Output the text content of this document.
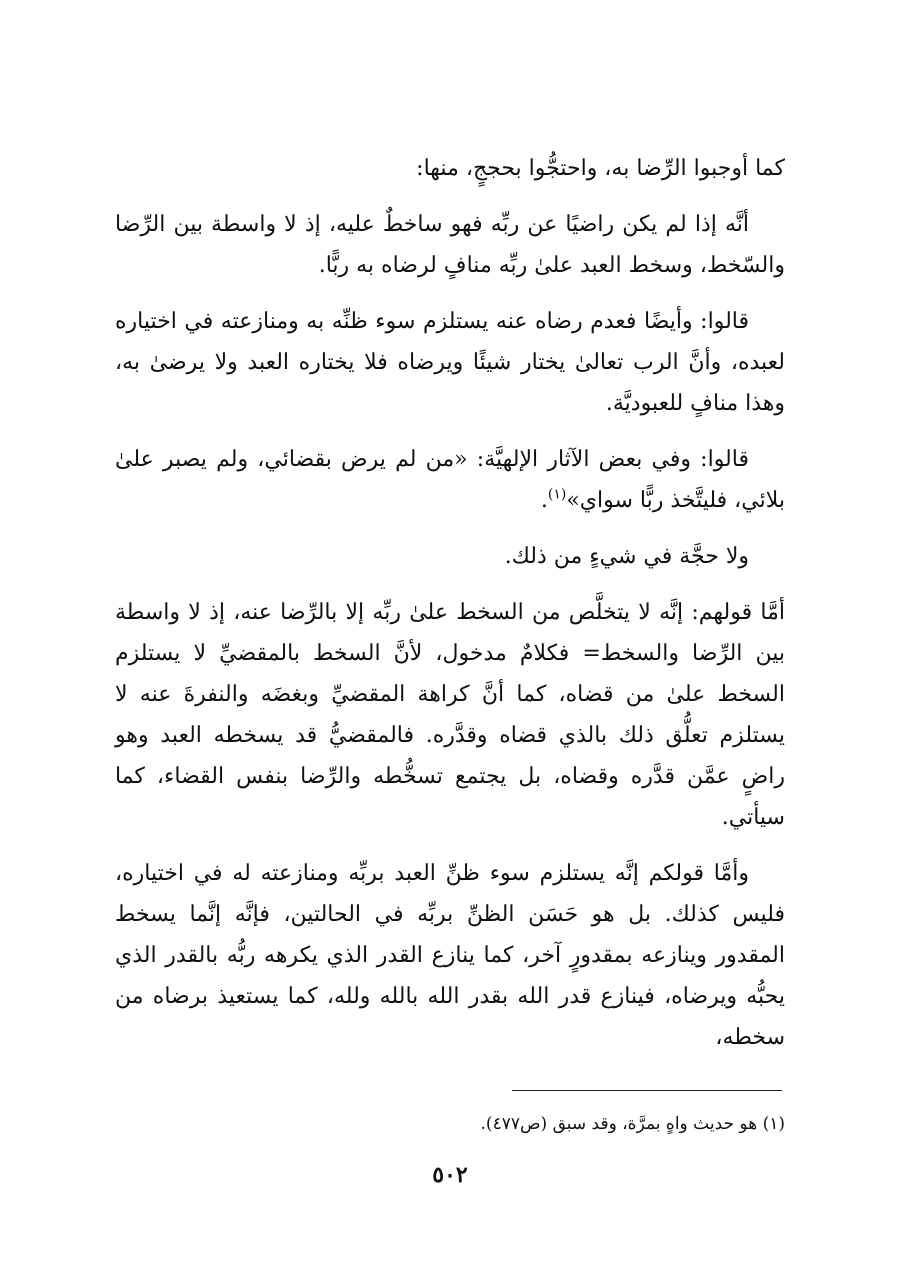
كما أوجبوا الرِّضا به، واحتجُّوا بحججٍ، منها:

أنَّه إذا لم يكن راضيًا عن ربِّه فهو ساخطٌ عليه، إذ لا واسطة بين الرِّضا والسّخط، وسخط العبد علىٰ ربِّه منافٍ لرضاه به ربًّا.

قالوا: وأيضًا فعدم رضاه عنه يستلزم سوء ظنِّه به ومنازعته في اختياره لعبده، وأنَّ الرب تعالىٰ يختار شيئًا ويرضاه فلا يختاره العبد ولا يرضىٰ به، وهذا منافٍ للعبوديَّة.

قالوا: وفي بعض الآثار الإلهيَّة: «من لم يرض بقضائي، ولم يصبر علىٰ بلائي، فليتَّخذ ربًّا سواي»$^{(١)}$.

ولا حجَّة في شيءٍ من ذلك.

أمَّا قولهم: إنَّه لا يتخلَّص من السخط علىٰ ربِّه إلا بالرِّضا عنه، إذ لا واسطة بين الرِّضا والسخط= فكلامٌ مدخول، لأنَّ السخط بالمقضيِّ لا يستلزم السخط علىٰ من قضاه، كما أنَّ كراهة المقضيِّ وبغضَه والنفرةَ عنه لا يستلزم تعلُّق ذلك بالذي قضاه وقدَّره. فالمقضيُّ قد يسخطه العبد وهو راضٍ عمَّن قدَّره وقضاه، بل يجتمع تسخُّطه والرِّضا بنفس القضاء، كما سيأتي.

وأمَّا قولكم إنَّه يستلزم سوء ظنِّ العبد بربِّه ومنازعته له في اختياره، فليس كذلك. بل هو حَسَن الظنِّ بربِّه في الحالتين، فإنَّه إنَّما يسخط المقدور وينازعه بمقدورٍ آخر، كما ينازع القدر الذي يكرهه ربُّه بالقدر الذي يحبُّه ويرضاه، فينازع قدر الله بقدر الله بالله ولله، كما يستعيذ برضاه من سخطه،

(١) هو حديث واهٍ بمرَّة، وقد سبق (ص٤٧٧).
٥٠٢
